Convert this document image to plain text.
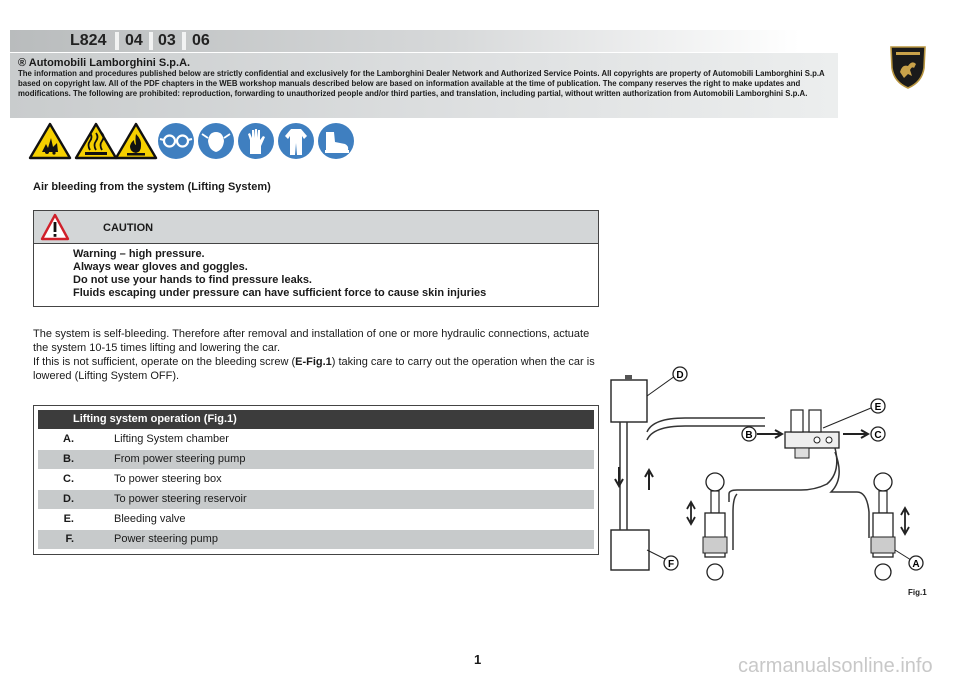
L824 04 03 06
® Automobili Lamborghini S.p.A.
The information and procedures published below are strictly confidential and exclusively for the Lamborghini Dealer Network and Authorized Service Points. All copyrights are property of Automobili Lamborghini S.p.A based on copyright law. All of the PDF chapters in the WEB workshop manuals described below are based on information available at the time of publication. The company reserves the right to make updates and modifications. The following are prohibited: reproduction, forwarding to unauthorized people and/or third parties, and translation, including partial, without written authorization from Automobili Lamborghini S.p.A.
Air bleeding from the system (Lifting System)
CAUTION
Warning – high pressure.
Always wear gloves and goggles.
Do not use your hands to find pressure leaks.
Fluids escaping under pressure can have sufficient force to cause skin injuries
The system is self-bleeding. Therefore after removal and installation of one or more hydraulic connections, actuate the system 10-15 times lifting and lowering the car.
If this is not sufficient, operate on the bleeding screw (E-Fig.1) taking care to carry out the operation when the car is lowered (Lifting System OFF).
Lifting system operation (Fig.1)
A.	Lifting System chamber
B.	From power steering pump
C.	To power steering box
D.	To power steering reservoir
E.	Bleeding valve
F.	Power steering pump
D
E
B	C
F	A
Fig.1
1	carmanualsonline.info
